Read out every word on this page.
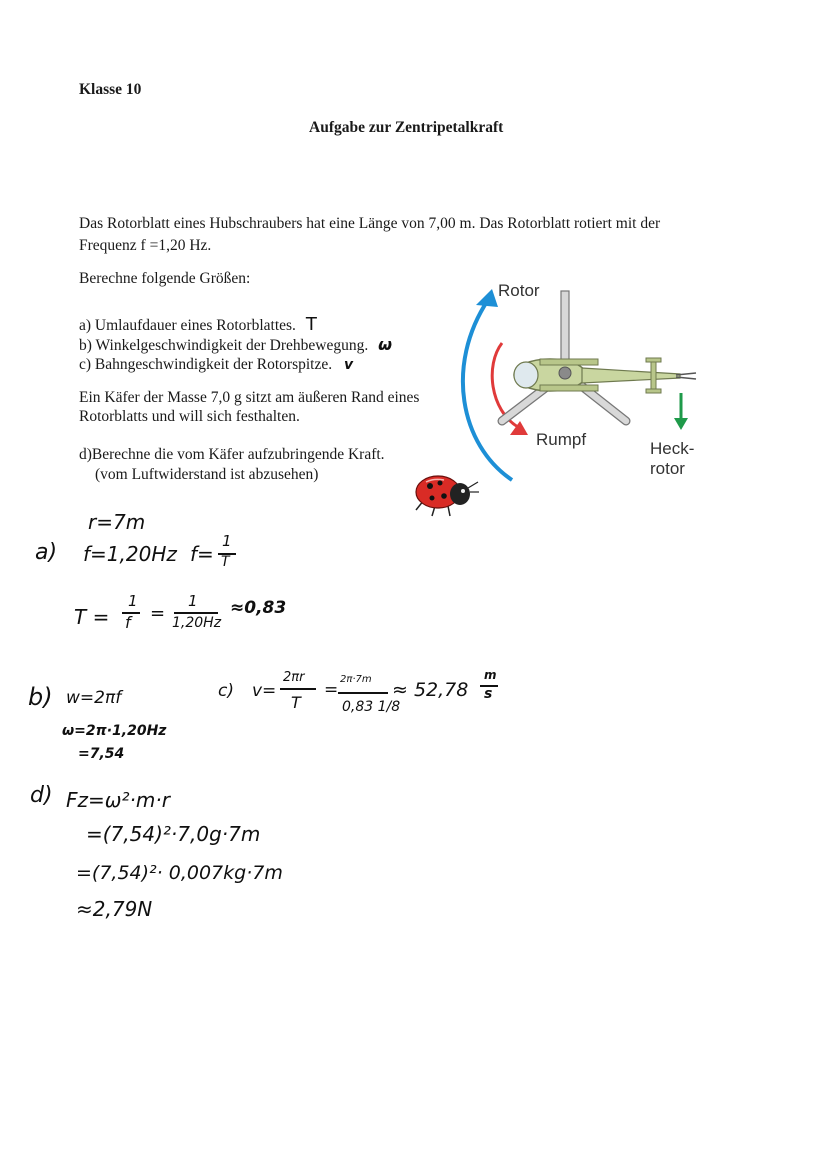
Klasse 10
Aufgabe zur Zentripetalkraft
Das Rotorblatt eines Hubschraubers hat eine Länge von 7,00 m. Das Rotorblatt rotiert mit der
Frequenz f =1,20 Hz.
Berechne folgende Größen:
a) Umlaufdauer eines Rotorblattes. T
b) Winkelgeschwindigkeit der Drehbewegung. ω
c) Bahngeschwindigkeit der Rotorspitze. v
Ein Käfer der Masse 7,0 g sitzt am äußeren Rand eines
Rotorblatts und will sich festhalten.
d)Berechne die vom Käfer aufzubringende Kraft.
(vom Luftwiderstand ist abzusehen)
Rotor
Rumpf	Heck-
rotor
r=7m
a) f=1,20Hz f=
1
T
T =
1
f =
1
1,20Hz
≈0,83
b) w=2πf
ω=2π·1,20Hz
=7,54
c) v=
2πr
T
=
2π·7m
0,83 1/8
≈ 52,78
m
s
d) Fz=ω²·m·r
=(7,54)²·7,0g·7m
=(7,54)²· 0,007kg·7m
≈2,79N
